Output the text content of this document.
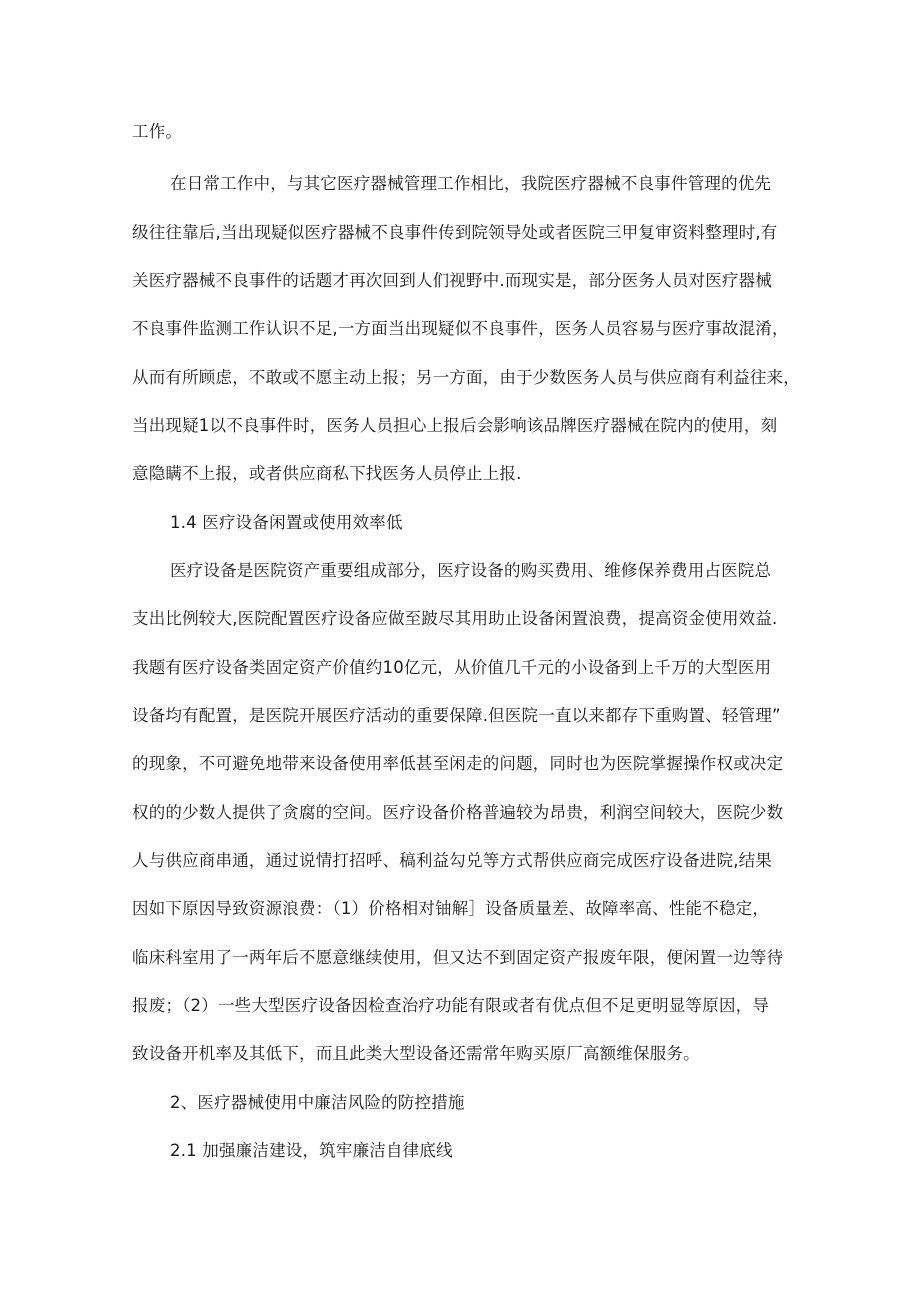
工作。
在日常工作中，与其它医疗器械管理工作相比，我院医疗器械不良事件管理的优先
级往往靠后,当出现疑似医疗器械不良事件传到院领导处或者医院三甲复审资料整理时,有
关医疗器械不良事件的话题才再次回到人们视野中.而现实是，部分医务人员对医疗器械
不良事件监测工作认识不足,一方面当出现疑似不良事件，医务人员容易与医疗事故混淆，
从而有所顾虑，不敢或不愿主动上报；另一方面，由于少数医务人员与供应商有利益往来，
当出现疑1以不良事件时，医务人员担心上报后会影响该品牌医疗器械在院内的使用，刻
意隐瞒不上报，或者供应商私下找医务人员停止上报.
1.4 医疗设备闲置或使用效率低
医疗设备是医院资产重要组成部分，医疗设备的购买费用、维修保养费用占医院总
支出比例较大,医院配置医疗设备应做至跛尽其用助止设备闲置浪费，提高资金使用效益.
我题有医疗设备类固定资产价值约10亿元，从价值几千元的小设备到上千万的大型医用
设备均有配置，是医院开展医疗活动的重要保障.但医院一直以来都存下重购置、轻管理”
的现象，不可避免地带来设备使用率低甚至闲走的问题，同时也为医院掌握操作权或决定
权的的少数人提供了贪腐的空间。医疗设备价格普遍较为昂贵，利润空间较大，医院少数
人与供应商串通，通过说情打招呼、稿利益勾兑等方式帮供应商完成医疗设备进院,结果
因如下原因导致资源浪费：（1）价格相对铀解］设备质量差、故障率高、性能不稳定，
临床科室用了一两年后不愿意继续使用，但又达不到固定资产报废年限，便闲置一边等待
报废；（2）一些大型医疗设备因检查治疗功能有限或者有优点但不足更明显等原因，导
致设备开机率及其低下，而且此类大型设备还需常年购买原厂高额维保服务。
2、医疗器械使用中廉洁风险的防控措施
2.1 加强廉洁建设，筑牢廉洁自律底线
